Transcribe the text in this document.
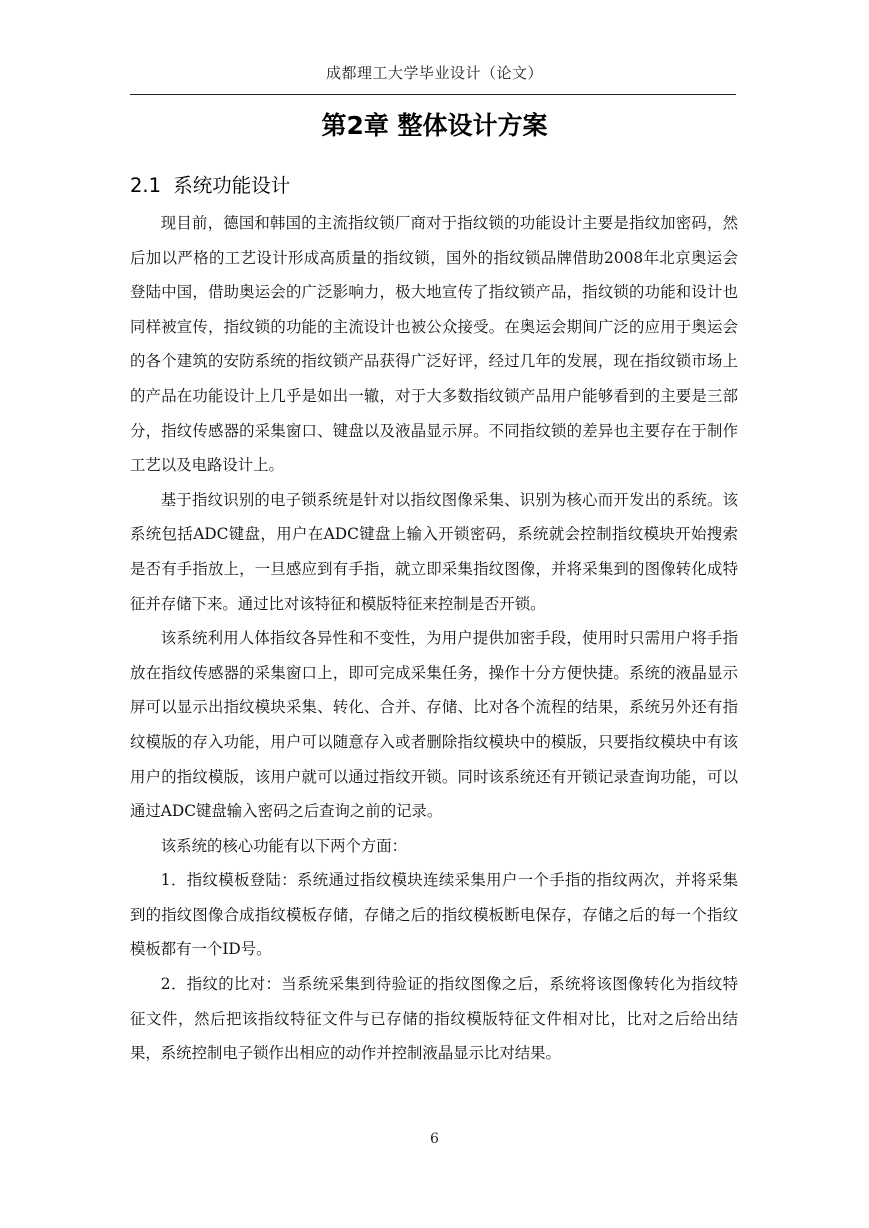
成都理工大学毕业设计（论文）
第2章 整体设计方案
2.1 系统功能设计

现目前，德国和韩国的主流指纹锁厂商对于指纹锁的功能设计主要是指纹加密码，然后加以严格的工艺设计形成高质量的指纹锁，国外的指纹锁品牌借助2008年北京奥运会登陆中国，借助奥运会的广泛影响力，极大地宣传了指纹锁产品，指纹锁的功能和设计也同样被宣传，指纹锁的功能的主流设计也被公众接受。在奥运会期间广泛的应用于奥运会的各个建筑的安防系统的指纹锁产品获得广泛好评，经过几年的发展，现在指纹锁市场上的产品在功能设计上几乎是如出一辙，对于大多数指纹锁产品用户能够看到的主要是三部分，指纹传感器的采集窗口、键盘以及液晶显示屏。不同指纹锁的差异也主要存在于制作工艺以及电路设计上。

基于指纹识别的电子锁系统是针对以指纹图像采集、识别为核心而开发出的系统。该系统包括ADC键盘，用户在ADC键盘上输入开锁密码，系统就会控制指纹模块开始搜索是否有手指放上，一旦感应到有手指，就立即采集指纹图像，并将采集到的图像转化成特征并存储下来。通过比对该特征和模版特征来控制是否开锁。

该系统利用人体指纹各异性和不变性，为用户提供加密手段，使用时只需用户将手指放在指纹传感器的采集窗口上，即可完成采集任务，操作十分方便快捷。系统的液晶显示屏可以显示出指纹模块采集、转化、合并、存储、比对各个流程的结果，系统另外还有指纹模版的存入功能，用户可以随意存入或者删除指纹模块中的模版，只要指纹模块中有该用户的指纹模版，该用户就可以通过指纹开锁。同时该系统还有开锁记录查询功能，可以通过ADC键盘输入密码之后查询之前的记录。

该系统的核心功能有以下两个方面：

1．指纹模板登陆：系统通过指纹模块连续采集用户一个手指的指纹两次，并将采集到的指纹图像合成指纹模板存储，存储之后的指纹模板断电保存，存储之后的每一个指纹模板都有一个ID号。

2．指纹的比对：当系统采集到待验证的指纹图像之后，系统将该图像转化为指纹特征文件，然后把该指纹特征文件与已存储的指纹模版特征文件相对比，比对之后给出结果，系统控制电子锁作出相应的动作并控制液晶显示比对结果。

6
